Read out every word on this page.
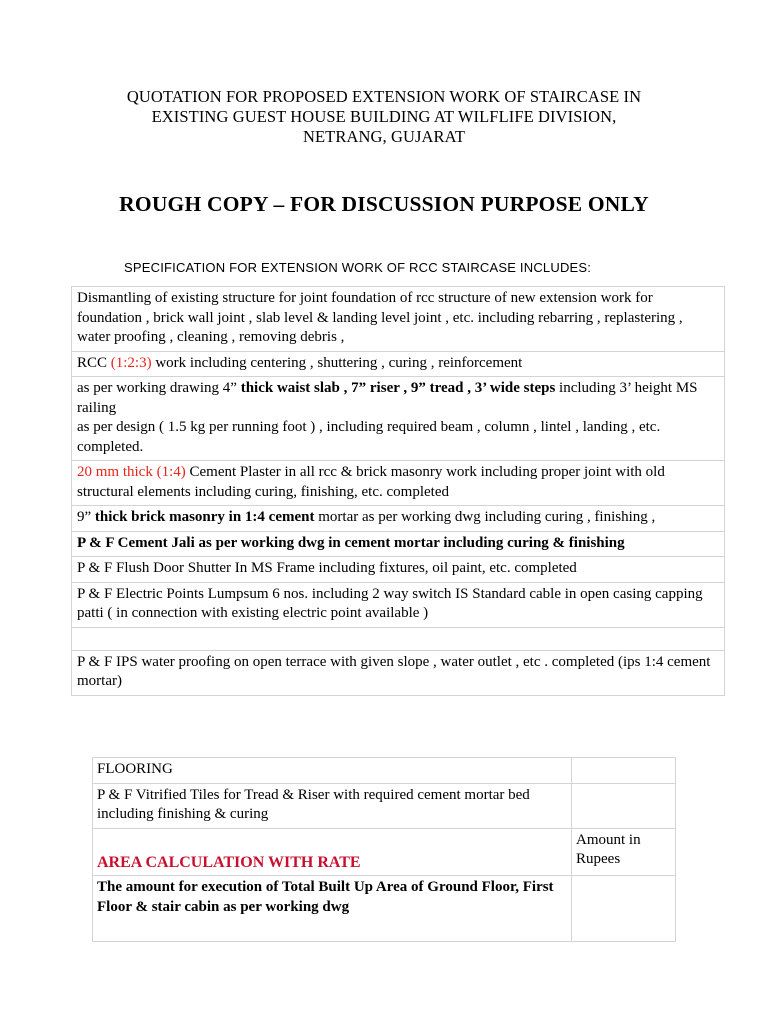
QUOTATION FOR PROPOSED EXTENSION WORK OF STAIRCASE IN
EXISTING GUEST HOUSE BUILDING AT WILFLIFE DIVISION,
NETRANG, GUJARAT
ROUGH COPY – FOR DISCUSSION PURPOSE ONLY
SPECIFICATION FOR EXTENSION WORK OF RCC STAIRCASE INCLUDES:
Dismantling of existing structure for joint foundation of rcc structure of new extension work for foundation , brick wall joint , slab level & landing level joint , etc. including rebarring , replastering , water proofing , cleaning , removing debris ,
RCC (1:2:3) work including centering , shuttering , curing , reinforcement
as per working drawing 4” thick waist slab , 7” riser , 9” tread , 3’ wide steps including 3’ height MS railing
as per design ( 1.5 kg per running foot ) , including required beam , column , lintel , landing , etc. completed.
20 mm thick (1:4) Cement Plaster in all rcc & brick masonry work including proper joint with old structural elements including curing, finishing, etc. completed
9” thick brick masonry in 1:4 cement mortar as per working dwg including curing , finishing ,
P & F Cement Jali as per working dwg in cement mortar including curing & finishing
P & F Flush Door Shutter In MS Frame including fixtures, oil paint, etc. completed
P & F Electric Points Lumpsum 6 nos. including 2 way switch IS Standard cable in open casing capping patti ( in connection with existing electric point available )

P & F IPS water proofing on open terrace with given slope , water outlet , etc . completed (ips 1:4 cement mortar)
FLOORING	
P & F Vitrified Tiles for Tread & Riser with required cement mortar bed including finishing & curing	

AREA CALCULATION WITH RATE	Amount in Rupees
The amount for execution of Total Built Up Area of Ground Floor, First Floor & stair cabin as per working dwg	
